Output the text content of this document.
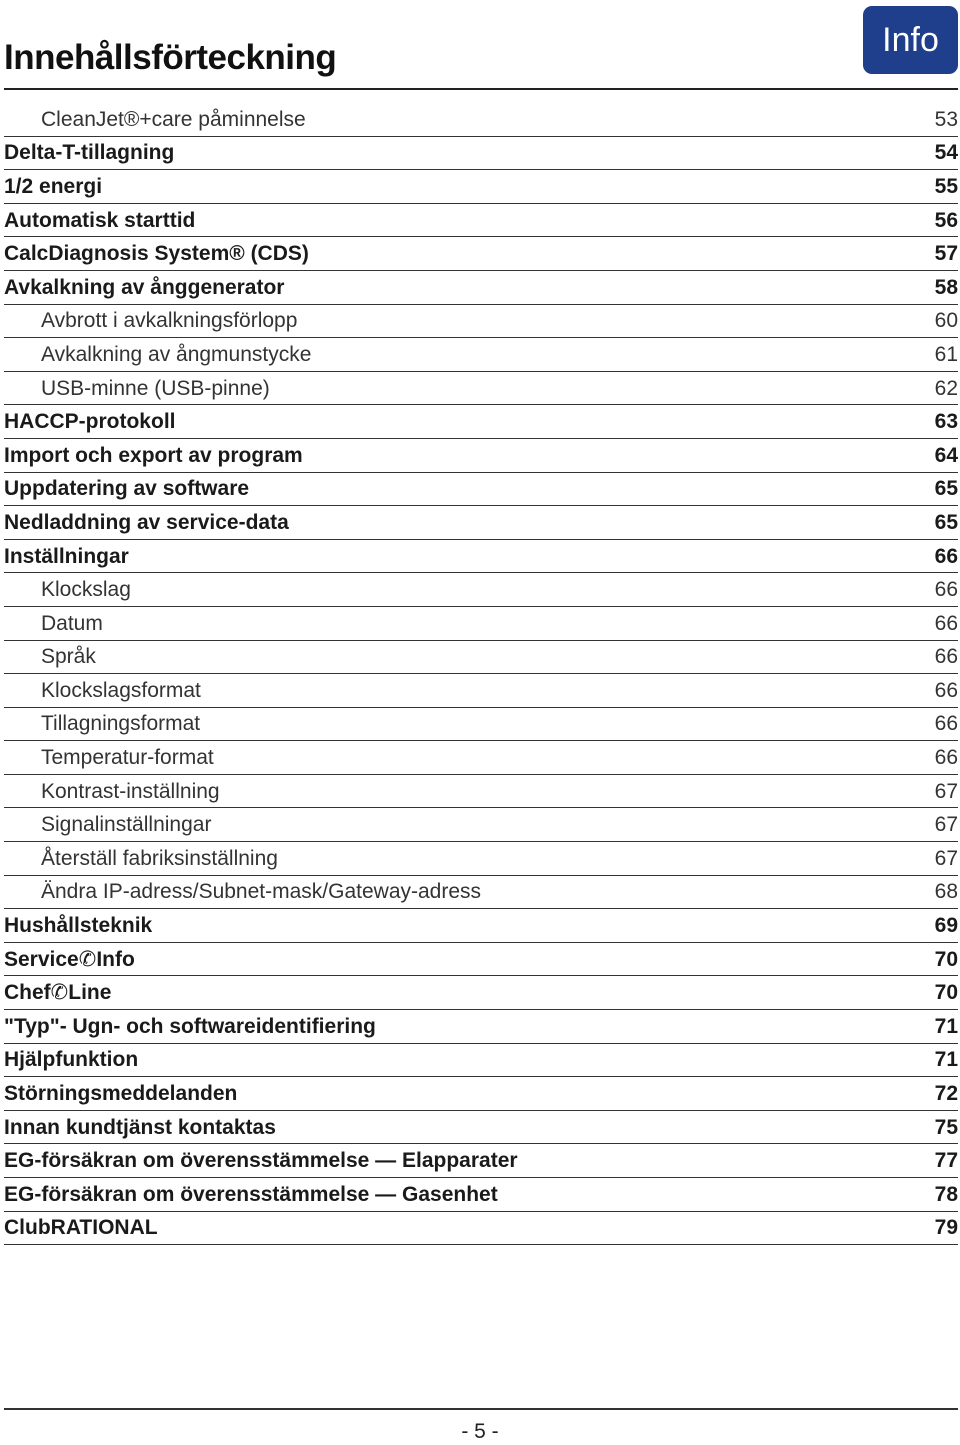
Innehållsförteckning	Info
CleanJet®+care påminnelse	53
Delta-T-tillagning	54
1/2 energi	55
Automatisk starttid	56
CalcDiagnosis System® (CDS)	57
Avkalkning av ånggenerator	58
Avbrott i avkalkningsförlopp	60
Avkalkning av ångmunstycke	61
USB-minne (USB-pinne)	62
HACCP-protokoll	63
Import och export av program	64
Uppdatering av software	65
Nedladdning av service-data	65
Inställningar	66
Klockslag	66
Datum	66
Språk	66
Klockslagsformat	66
Tillagningsformat	66
Temperatur-format	66
Kontrast-inställning	67
Signalinställningar	67
Återställ fabriksinställning	67
Ändra IP-adress/Subnet-mask/Gateway-adress	68
Hushållsteknik	69
Service✆Info	70
Chef✆Line	70
"Typ"- Ugn- och softwareidentifiering	71
Hjälpfunktion	71
Störningsmeddelanden	72
Innan kundtjänst kontaktas	75
EG-försäkran om överensstämmelse — Elapparater	77
EG-försäkran om överensstämmelse — Gasenhet	78
ClubRATIONAL	79
- 5 -
